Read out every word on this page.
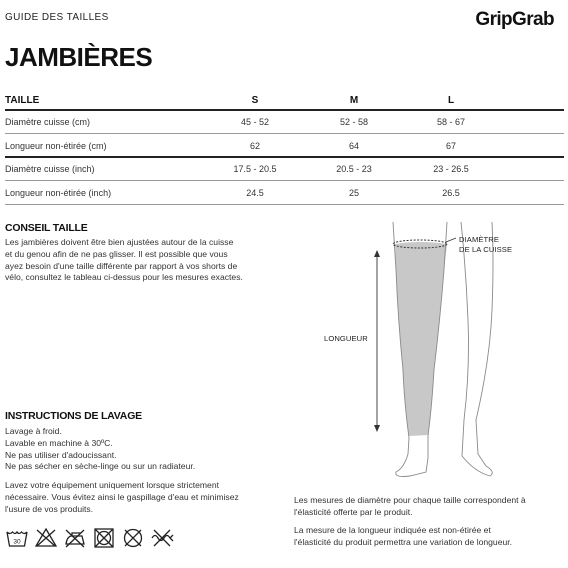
GUIDE DES TAILLES	GripGrab
JAMBIÈRES
TAILLE	S	M	L
Diamètre cuisse (cm)	45 - 52	52 - 58	58 - 67
Longueur non-étirée (cm)	62	64	67
Diamètre cuisse (inch)	17.5 - 20.5	20.5 - 23	23 - 26.5
Longueur non-étirée (inch)	24.5	25	26.5
CONSEIL TAILLE
Les jambières doivent être bien ajustées autour de la cuisse
et du genou afin de ne pas glisser. Il est possible que vous
ayez besoin d'une taille différente par rapport à vos shorts de
vélo, consultez le tableau ci-dessus pour les mesures exactes.
INSTRUCTIONS DE LAVAGE
Lavage à froid.
Lavable en machine à 30ºC.
Ne pas utiliser d'adoucissant.
Ne pas sécher en sèche-linge ou sur un radiateur.
Lavez votre équipement uniquement lorsque strictement
nécessaire. Vous évitez ainsi le gaspillage d'eau et minimisez
l'usure de vos produits.
30
DIAMÈTRE
DE LA CUISSE
LONGUEUR
Les mesures de diamètre pour chaque taille correspondent à
l'élasticité offerte par le produit.
La mesure de la longueur indiquée est non-étirée et
l'élasticité du produit permettra une variation de longueur.
